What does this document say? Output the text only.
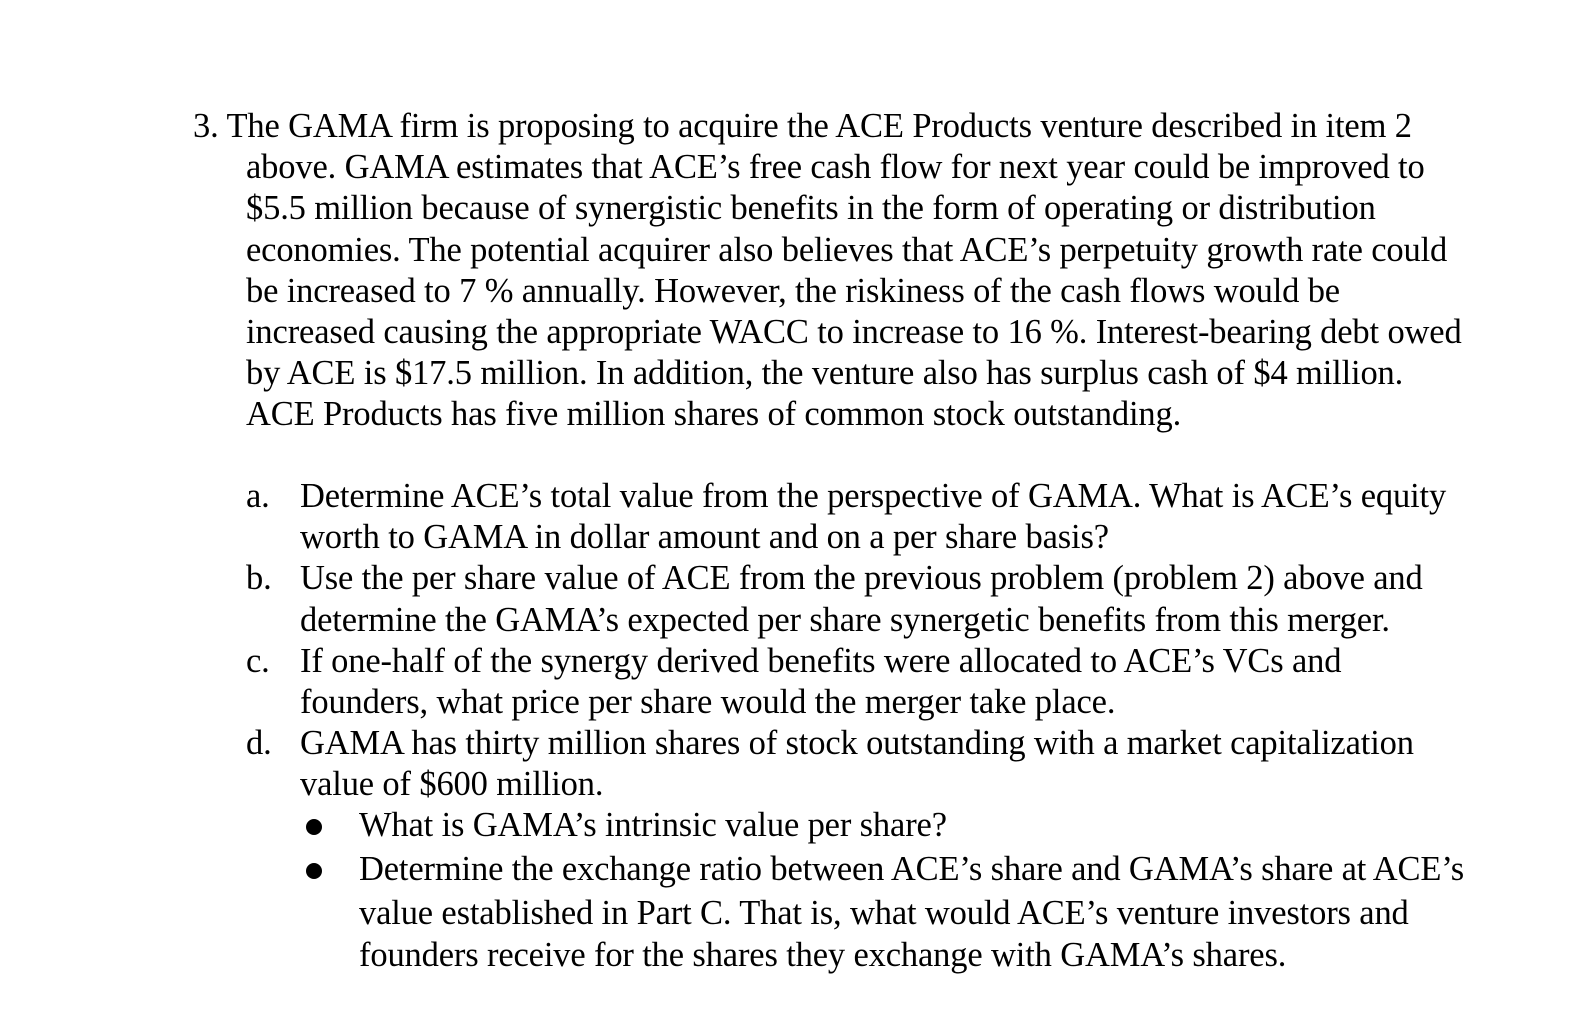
3. The GAMA firm is proposing to acquire the ACE Products venture described in item 2
above. GAMA estimates that ACE’s free cash flow for next year could be improved to
$5.5 million because of synergistic benefits in the form of operating or distribution
economies. The potential acquirer also believes that ACE’s perpetuity growth rate could
be increased to 7 % annually. However, the riskiness of the cash flows would be
increased causing the appropriate WACC to increase to 16 %. Interest-bearing debt owed
by ACE is $17.5 million. In addition, the venture also has surplus cash of $4 million.
ACE Products has five million shares of common stock outstanding.
a. Determine ACE’s total value from the perspective of GAMA. What is ACE’s equity
worth to GAMA in dollar amount and on a per share basis?
b. Use the per share value of ACE from the previous problem (problem 2) above and
determine the GAMA’s expected per share synergetic benefits from this merger.
c. If one-half of the synergy derived benefits were allocated to ACE’s VCs and
founders, what price per share would the merger take place.
d. GAMA has thirty million shares of stock outstanding with a market capitalization
value of $600 million.
What is GAMA’s intrinsic value per share?
Determine the exchange ratio between ACE’s share and GAMA’s share at ACE’s
value established in Part C. That is, what would ACE’s venture investors and
founders receive for the shares they exchange with GAMA’s shares.
